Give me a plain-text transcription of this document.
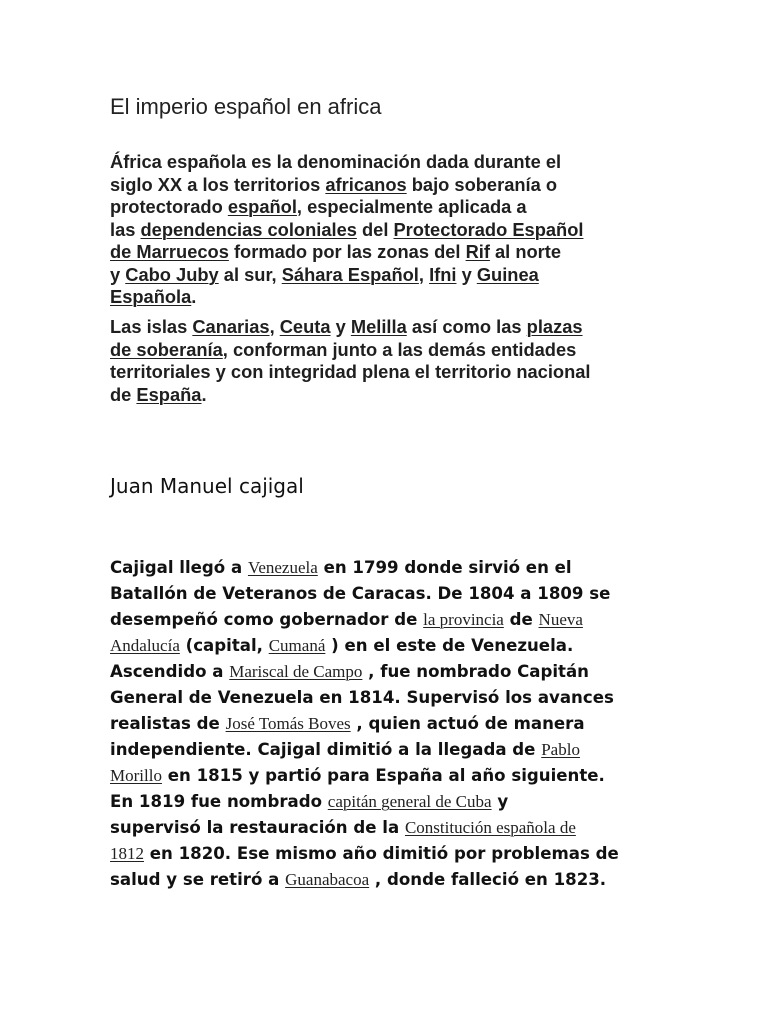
El imperio español en africa

África española es la denominación dada durante el
siglo XX a los territorios africanos bajo soberanía o
protectorado español, especialmente aplicada a
las dependencias coloniales del Protectorado Español
de Marruecos formado por las zonas del Rif al norte
y Cabo Juby al sur, Sáhara Español, Ifni y Guinea
Española.

Las islas Canarias, Ceuta y Melilla así como las plazas
de soberanía, conforman junto a las demás entidades
territoriales y con integridad plena el territorio nacional
de España.

Juan Manuel cajigal

Cajigal llegó a Venezuela en 1799 donde sirvió en el
Batallón de Veteranos de Caracas. De 1804 a 1809 se
desempeñó como gobernador de la provincia de Nueva
Andalucía (capital, Cumaná ) en el este de Venezuela.
Ascendido a Mariscal de Campo , fue nombrado Capitán
General de Venezuela en 1814. Supervisó los avances
realistas de José Tomás Boves , quien actuó de manera
independiente. Cajigal dimitió a la llegada de Pablo
Morillo en 1815 y partió para España al año siguiente.
En 1819 fue nombrado capitán general de Cuba y
supervisó la restauración de la Constitución española de
1812 en 1820. Ese mismo año dimitió por problemas de
salud y se retiró a Guanabacoa , donde falleció en 1823.
